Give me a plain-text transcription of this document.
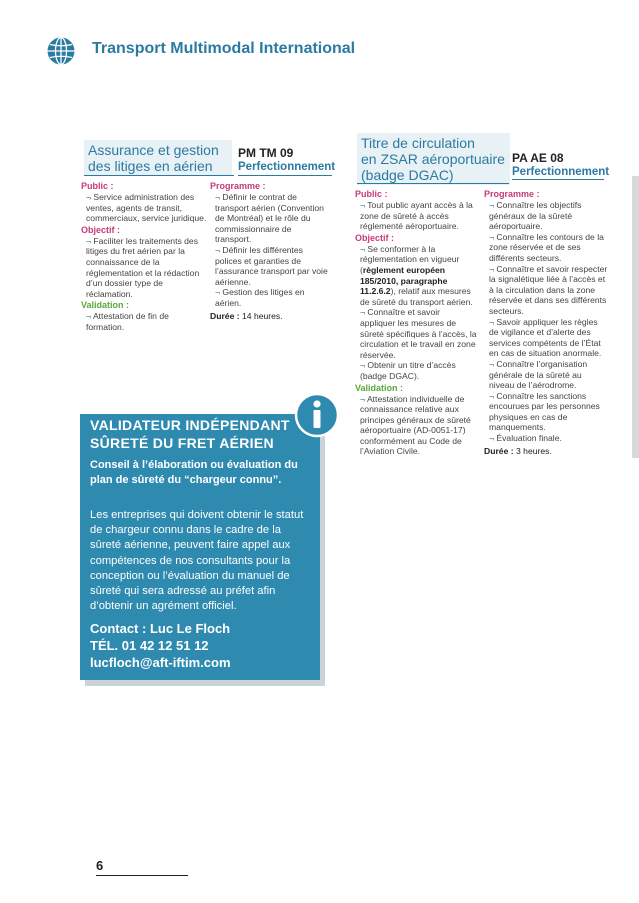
Transport Multimodal International
Assurance et gestion
des litiges en aérien
PM TM 09
Perfectionnement
Public :
¬ Service administration des ventes, agents de transit, commerciaux, service juridique.
Objectif :
¬ Faciliter les traitements des litiges du fret aérien par la connaissance de la réglementation et la rédaction d’un dossier type de réclamation.
Validation :
¬ Attestation de fin de formation.
Programme :
¬ Définir le contrat de transport aérien (Convention de Montréal) et le rôle du commissionnaire de transport.
¬ Définir les différentes polices et garanties de l’assurance transport par voie aérienne.
¬ Gestion des litiges en aérien.
Durée : 14 heures.
Titre de circulation
en ZSAR aéroportuaire
(badge DGAC)
PA AE 08
Perfectionnement
Public :
¬ Tout public ayant accès à la zone de sûreté à accès réglementé aéroportuaire.
Objectif :
¬ Se conformer à la réglementation en vigueur (règlement européen 185/2010, paragraphe 11.2.6.2), relatif aux mesures de sûreté du transport aérien.
¬ Connaître et savoir appliquer les mesures de sûreté spécifiques à l’accès, la circulation et le travail en zone réservée.
¬ Obtenir un titre d’accès (badge DGAC).
Validation :
¬ Attestation individuelle de connaissance relative aux principes généraux de sûreté aéroportuaire (AD-0051-17) conformément au Code de l’Aviation Civile.
Programme :
¬ Connaître les objectifs généraux de la sûreté aéroportuaire.
¬ Connaître les contours de la zone réservée et de ses différents secteurs.
¬ Connaître et savoir respecter la signalétique liée à l’accès et à la circulation dans la zone réservée et dans ses différents secteurs.
¬ Savoir appliquer les règles de vigilance et d’alerte des services compétents de l’État en cas de situation anormale.
¬ Connaître l’organisation générale de la sûreté au niveau de l’aérodrome.
¬ Connaître les sanctions encourues par les personnes physiques en cas de manquements.
¬ Évaluation finale.
Durée : 3 heures.
VALIDATEUR INDÉPENDANT SÛRETÉ DU FRET AÉRIEN
Conseil à l’élaboration ou évaluation du plan de sûreté du “chargeur connu”.
Les entreprises qui doivent obtenir le statut de chargeur connu dans le cadre de la sûreté aérienne, peuvent faire appel aux compétences de nos consultants pour la conception ou l’évaluation du manuel de sûreté qui sera adressé au préfet afin d’obtenir un agrément officiel.
Contact : Luc Le Floch
TÉL. 01 42 12 51 12
lucfloch@aft-iftim.com
6
